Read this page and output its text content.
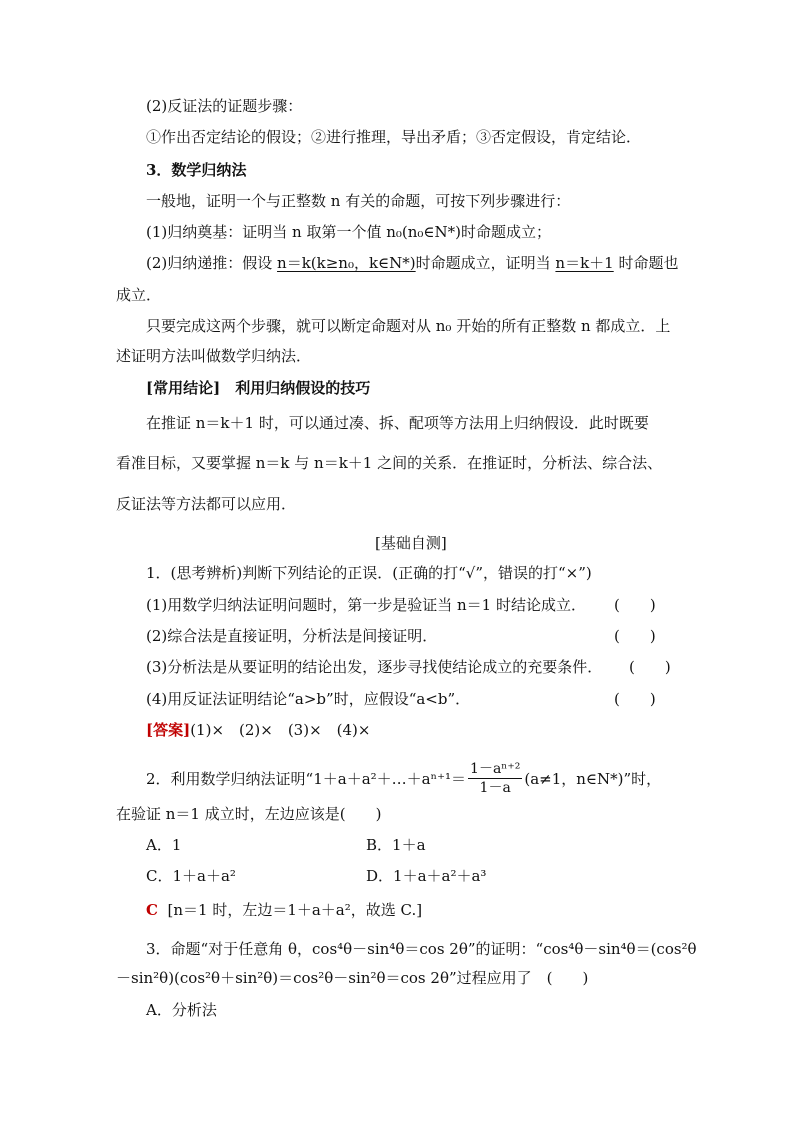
(2)反证法的证题步骤：
①作出否定结论的假设；②进行推理，导出矛盾；③否定假设，肯定结论．
3．数学归纳法
一般地，证明一个与正整数 n 有关的命题，可按下列步骤进行：
(1)归纳奠基：证明当 n 取第一个值 n₀(n₀∈N*)时命题成立；
(2)归纳递推：假设 n＝k(k≥n₀，k∈N*)时命题成立，证明当 n＝k＋1 时命题也
成立．
只要完成这两个步骤，就可以断定命题对从 n₀ 开始的所有正整数 n 都成立．上
述证明方法叫做数学归纳法．
[常用结论]　利用归纳假设的技巧
在推证 n＝k＋1 时，可以通过凑、拆、配项等方法用上归纳假设．此时既要
看准目标，又要掌握 n＝k 与 n＝k＋1 之间的关系．在推证时，分析法、综合法、
反证法等方法都可以应用．
[基础自测]
1．(思考辨析)判断下列结论的正误．(正确的打“√”，错误的打“×”)
(1)用数学归纳法证明问题时，第一步是验证当 n＝1 时结论成立． (　　)
(2)综合法是直接证明，分析法是间接证明．	(　　)
(3)分析法是从要证明的结论出发，逐步寻找使结论成立的充要条件． (　　)
(4)用反证法证明结论“a>b”时，应假设“a<b”．	(　　)
[答案](1)×　(2)×　(3)×　(4)×
2．利用数学归纳法证明“1＋a＋a²＋…＋aⁿ⁺¹＝ $\frac{\text{1－aⁿ⁺²}}{1-a} (a\ne 1$，n∈N*)”时，
在验证 n＝1 成立时，左边应该是(　　)
A．1	B．1＋a
C．1＋a＋a²	D．1＋a＋a²＋a³
C [n＝1 时，左边＝1＋a＋a²，故选 C.]
3．命题“对于任意角 θ，cos⁴θ－sin⁴θ＝cos 2θ”的证明：“cos⁴θ－sin⁴θ＝(cos²θ
－sin²θ)(cos²θ＋sin²θ)＝cos²θ－sin²θ＝cos 2θ”过程应用了　(　　)
A．分析法
